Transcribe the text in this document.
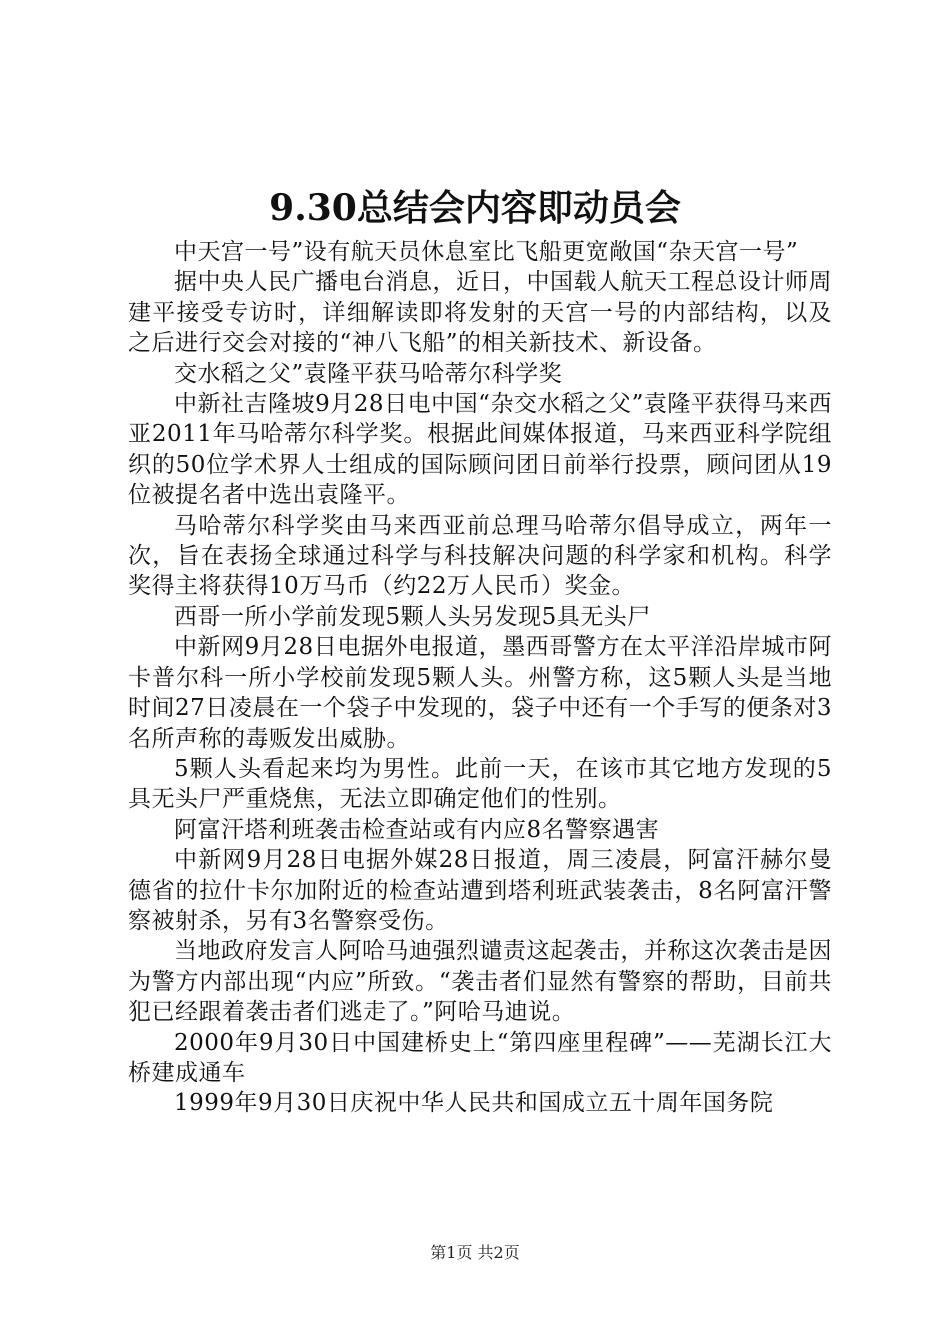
9.30总结会内容即动员会

中天宫一号”设有航天员休息室比飞船更宽敞国“杂天宫一号”

据中央人民广播电台消息，近日，中国载人航天工程总设计师周建平接受专访时，详细解读即将发射的天宫一号的内部结构，以及之后进行交会对接的“神八飞船”的相关新技术、新设备。

交水稻之父”袁隆平获马哈蒂尔科学奖

中新社吉隆坡9月28日电中国“杂交水稻之父”袁隆平获得马来西亚2011年马哈蒂尔科学奖。根据此间媒体报道，马来西亚科学院组织的50位学术界人士组成的国际顾问团日前举行投票，顾问团从19位被提名者中选出袁隆平。

马哈蒂尔科学奖由马来西亚前总理马哈蒂尔倡导成立，两年一次，旨在表扬全球通过科学与科技解决问题的科学家和机构。科学奖得主将获得10万马币（约22万人民币）奖金。

西哥一所小学前发现5颗人头另发现5具无头尸

中新网9月28日电据外电报道，墨西哥警方在太平洋沿岸城市阿卡普尔科一所小学校前发现5颗人头。州警方称，这5颗人头是当地时间27日凌晨在一个袋子中发现的，袋子中还有一个手写的便条对3名所声称的毒贩发出威胁。

5颗人头看起来均为男性。此前一天，在该市其它地方发现的5具无头尸严重烧焦，无法立即确定他们的性别。

阿富汗塔利班袭击检查站或有内应8名警察遇害

中新网9月28日电据外媒28日报道，周三凌晨，阿富汗赫尔曼德省的拉什卡尔加附近的检查站遭到塔利班武装袭击，8名阿富汗警察被射杀，另有3名警察受伤。

当地政府发言人阿哈马迪强烈谴责这起袭击，并称这次袭击是因为警方内部出现“内应”所致。“袭击者们显然有警察的帮助，目前共犯已经跟着袭击者们逃走了。”阿哈马迪说。

2000年9月30日中国建桥史上“第四座里程碑”——芜湖长江大桥建成通车

1999年9月30日庆祝中华人民共和国成立五十周年国务院

第1页 共2页
